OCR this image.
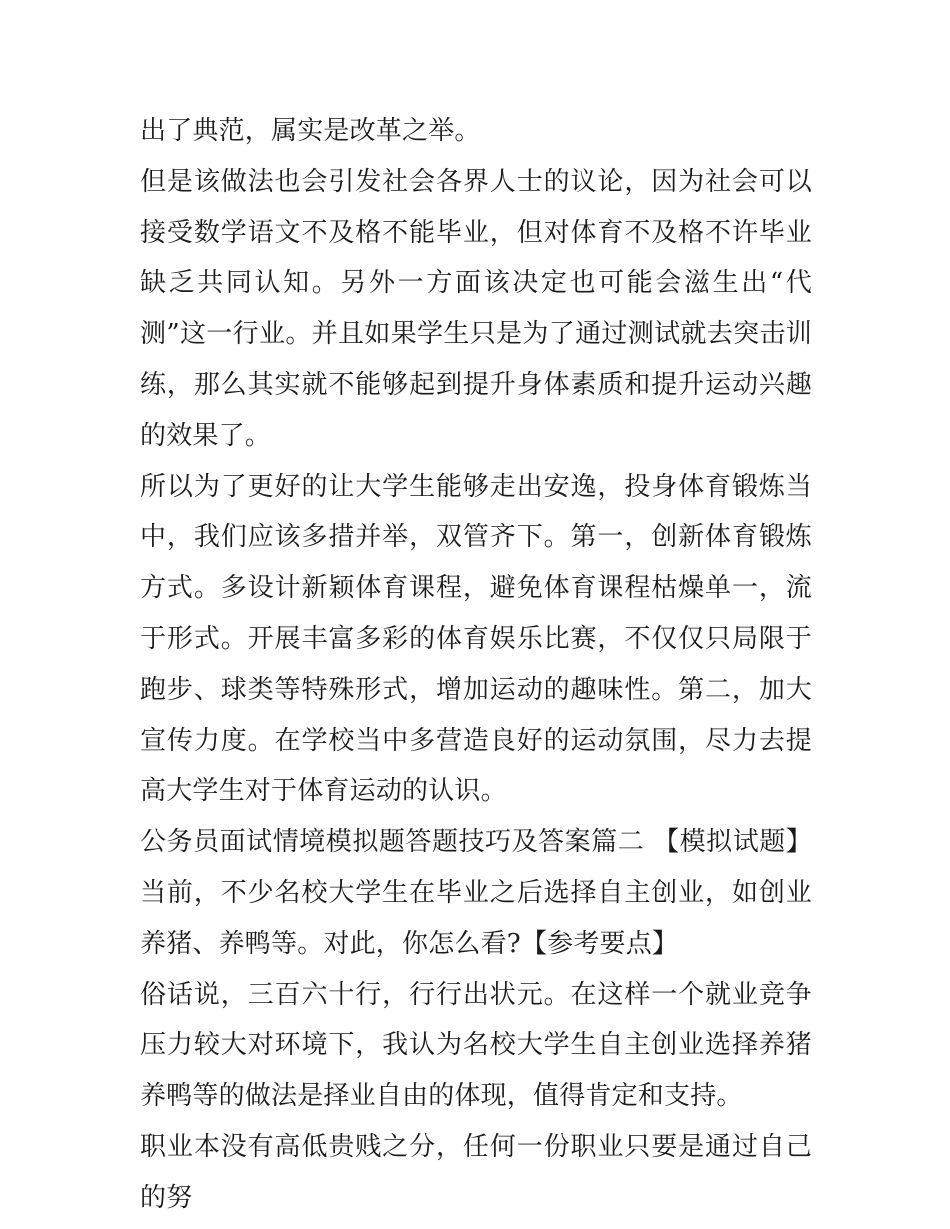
出了典范，属实是改革之举。

但是该做法也会引发社会各界人士的议论，因为社会可以接受数学语文不及格不能毕业，但对体育不及格不许毕业缺乏共同认知。另外一方面该决定也可能会滋生出“代测”这一行业。并且如果学生只是为了通过测试就去突击训练，那么其实就不能够起到提升身体素质和提升运动兴趣的效果了。

所以为了更好的让大学生能够走出安逸，投身体育锻炼当中，我们应该多措并举，双管齐下。第一，创新体育锻炼方式。多设计新颖体育课程，避免体育课程枯燥单一，流于形式。开展丰富多彩的体育娱乐比赛，不仅仅只局限于跑步、球类等特殊形式，增加运动的趣味性。第二，加大宣传力度。在学校当中多营造良好的运动氛围，尽力去提高大学生对于体育运动的认识。

公务员面试情境模拟题答题技巧及答案篇二 【模拟试题】 当前，不少名校大学生在毕业之后选择自主创业，如创业养猪、养鸭等。对此，你怎么看?【参考要点】

俗话说，三百六十行，行行出状元。在这样一个就业竞争压力较大对环境下，我认为名校大学生自主创业选择养猪养鸭等的做法是择业自由的体现，值得肯定和支持。

职业本没有高低贵贱之分，任何一份职业只要是通过自己的努
